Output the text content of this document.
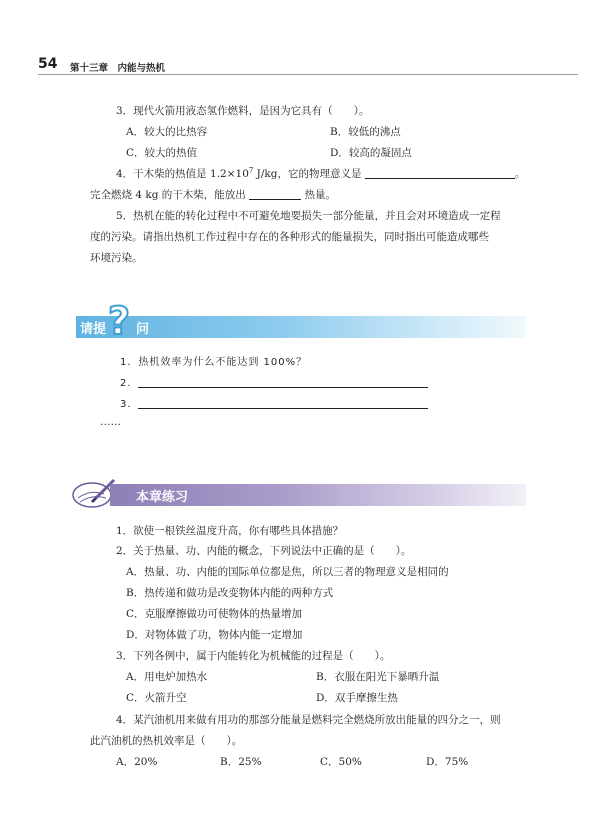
54 第十三章　内能与热机
3．现代火箭用液态氢作燃料，是因为它具有（　　）。
A．较大的比热容	B．较低的沸点
C．较大的热值	D．较高的凝固点
4．干木柴的热值是 $1.2\times 10^7$ J/kg，它的物理意义是	。
完全燃烧 4 kg 的干木柴，能放出	热量。
5．热机在能的转化过程中不可避免地要损失一部分能量，并且会对环境造成一定程
度的污染。请指出热机工作过程中存在的各种形式的能量损失，同时指出可能造成哪些
环境污染。
请提 ? 问
1．热机效率为什么不能达到 100%？
2．
3．
……
本章练习
1．欲使一根铁丝温度升高，你有哪些具体措施？
2．关于热量、功、内能的概念，下列说法中正确的是（　　）。
A．热量、功、内能的国际单位都是焦，所以三者的物理意义是相同的
B．热传递和做功是改变物体内能的两种方式
C．克服摩擦做功可使物体的热量增加
D．对物体做了功，物体内能一定增加
3．下列各例中，属于内能转化为机械能的过程是（　　）。
A．用电炉加热水	B．衣服在阳光下暴晒升温
C．火箭升空	D．双手摩擦生热
4．某汽油机用来做有用功的那部分能量是燃料完全燃烧所放出能量的四分之一，则
此汽油机的热机效率是（　　）。
A．20%	B．25%	C．50%	D．75%
